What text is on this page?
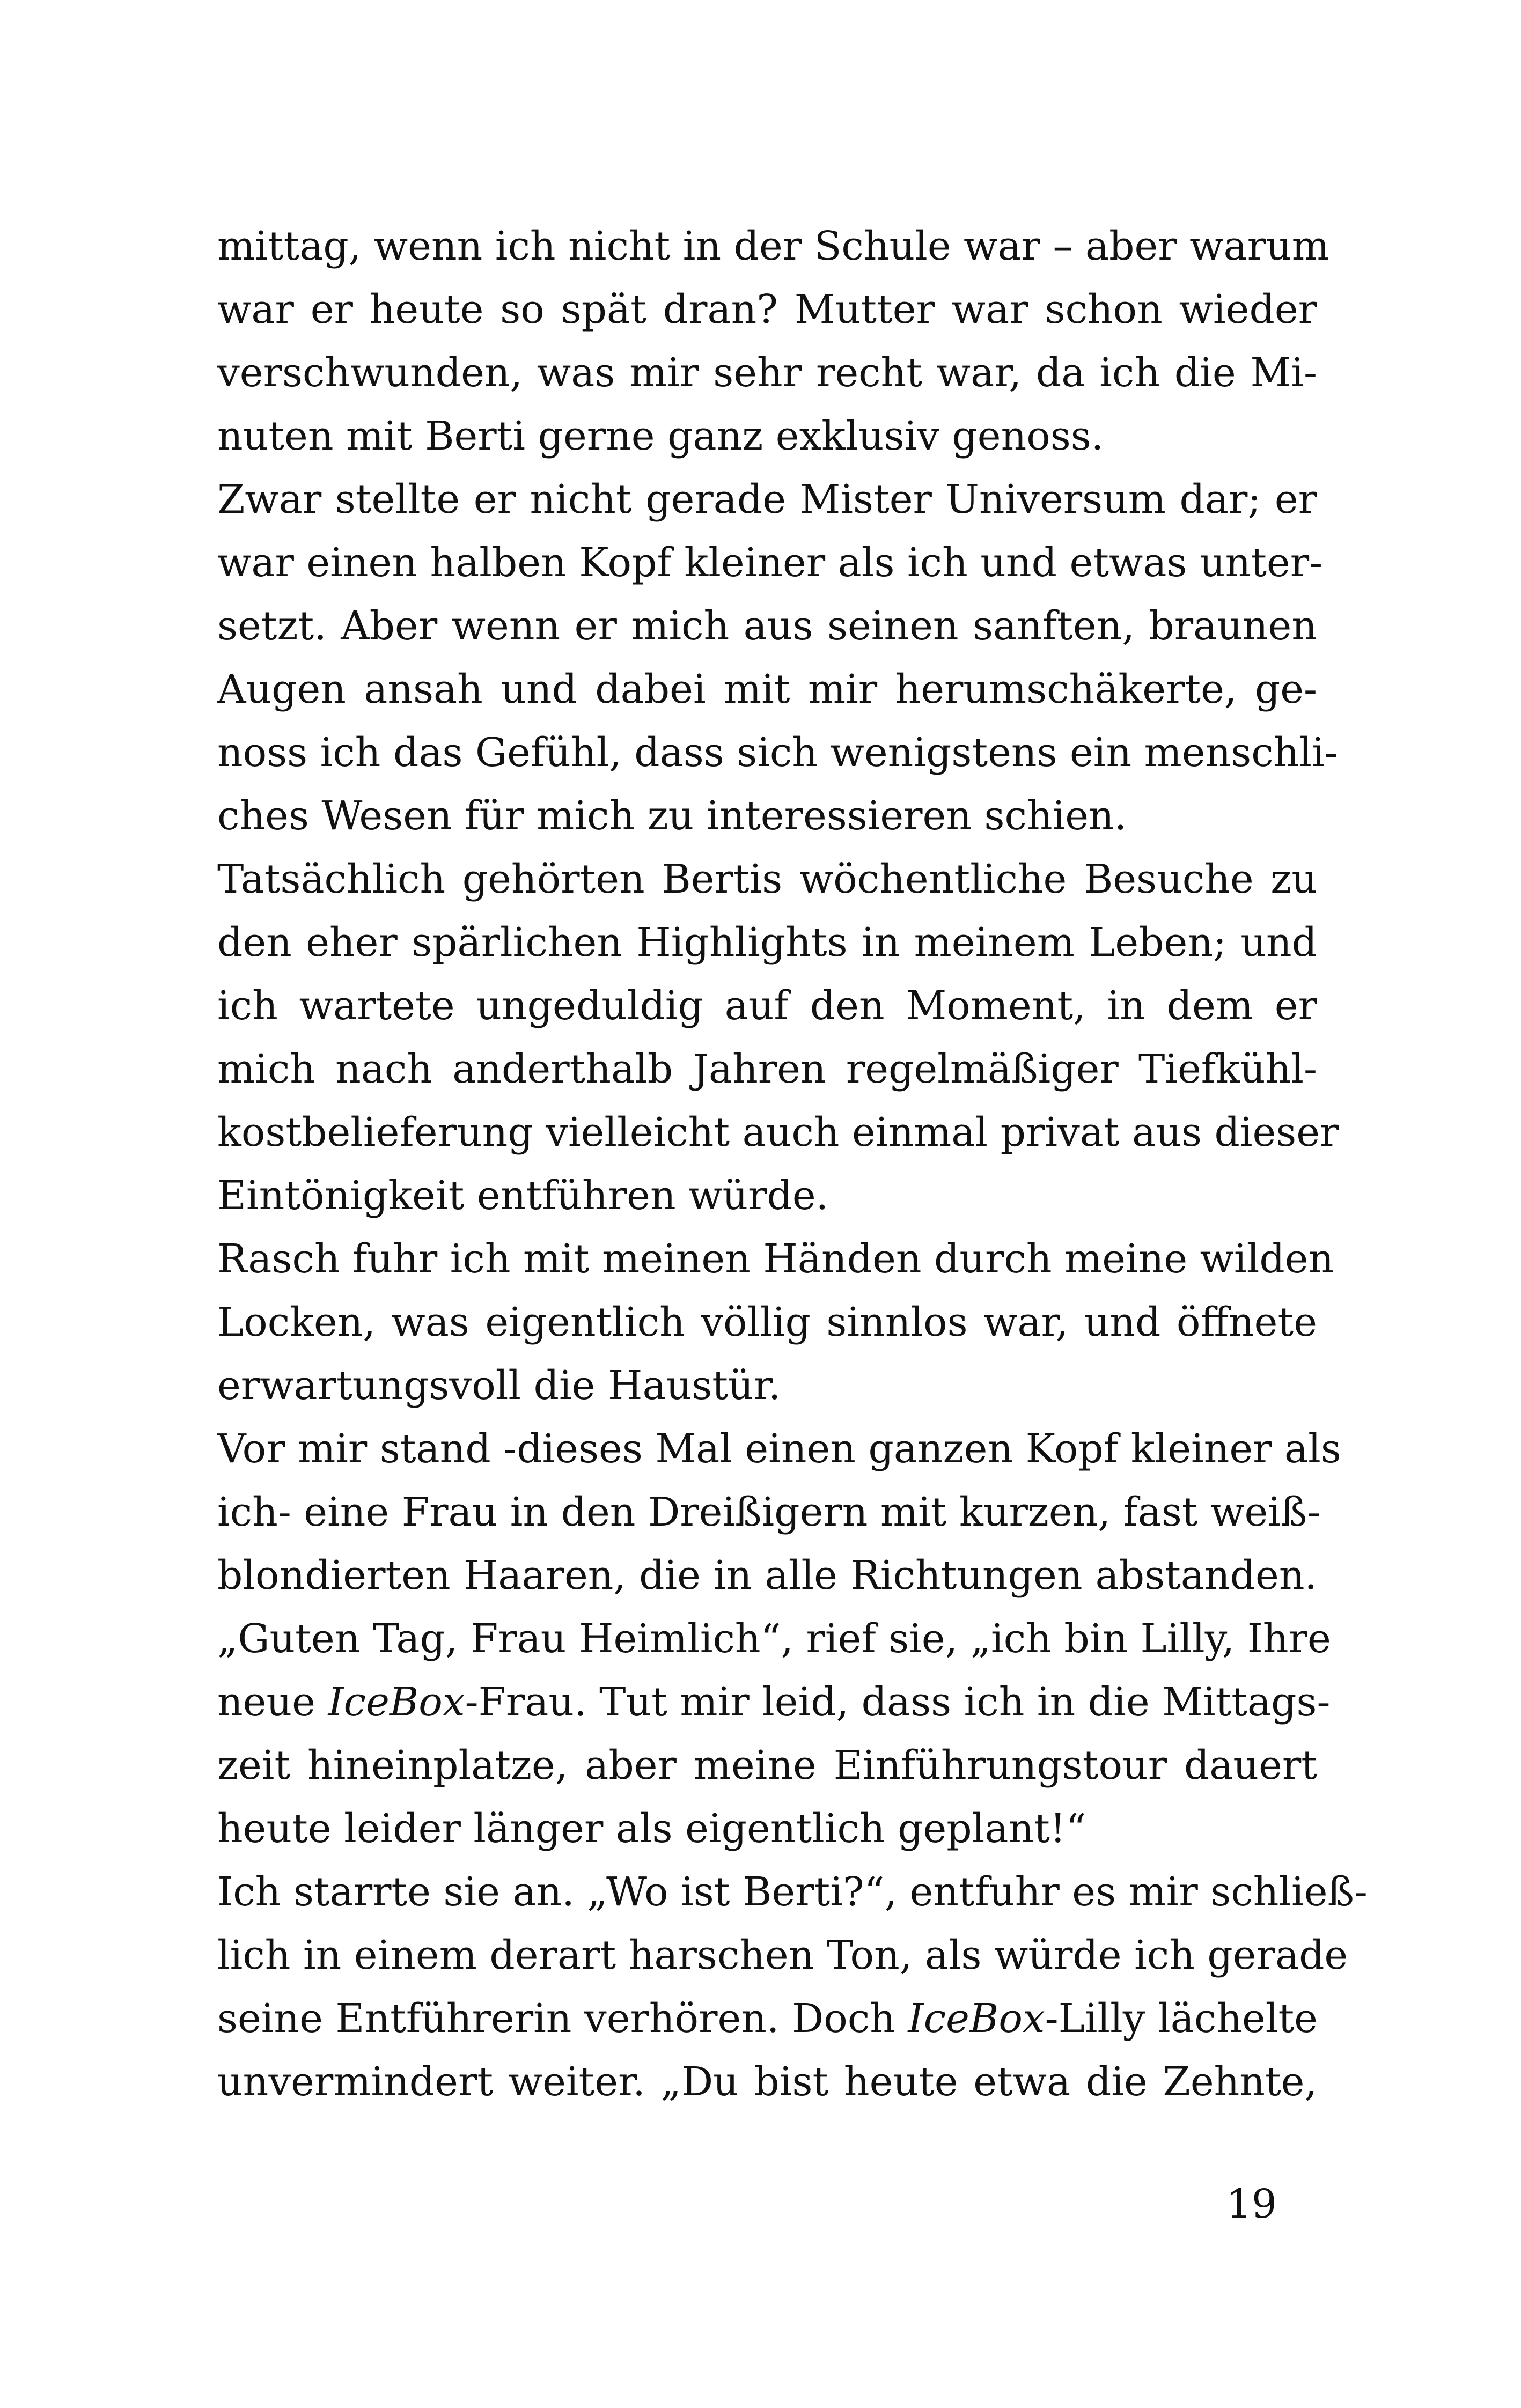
mittag, wenn ich nicht in der Schule war – aber warum
war er heute so spät dran? Mutter war schon wieder
verschwunden, was mir sehr recht war, da ich die Mi-
nuten mit Berti gerne ganz exklusiv genoss.
Zwar stellte er nicht gerade Mister Universum dar; er
war einen halben Kopf kleiner als ich und etwas unter-
setzt. Aber wenn er mich aus seinen sanften, braunen
Augen ansah und dabei mit mir herumschäkerte, ge-
noss ich das Gefühl, dass sich wenigstens ein menschli-
ches Wesen für mich zu interessieren schien.
Tatsächlich gehörten Bertis wöchentliche Besuche zu
den eher spärlichen Highlights in meinem Leben; und
ich wartete ungeduldig auf den Moment, in dem er
mich nach anderthalb Jahren regelmäßiger Tiefkühl-
kostbelieferung vielleicht auch einmal privat aus dieser
Eintönigkeit entführen würde.
Rasch fuhr ich mit meinen Händen durch meine wilden
Locken, was eigentlich völlig sinnlos war, und öffnete
erwartungsvoll die Haustür.
Vor mir stand -dieses Mal einen ganzen Kopf kleiner als
ich- eine Frau in den Dreißigern mit kurzen, fast weiß-
blondierten Haaren, die in alle Richtungen abstanden.
„Guten Tag, Frau Heimlich“, rief sie, „ich bin Lilly, Ihre
neue IceBox-Frau. Tut mir leid, dass ich in die Mittags-
zeit hineinplatze, aber meine Einführungstour dauert
heute leider länger als eigentlich geplant!“
Ich starrte sie an. „Wo ist Berti?“, entfuhr es mir schließ-
lich in einem derart harschen Ton, als würde ich gerade
seine Entführerin verhören. Doch IceBox-Lilly lächelte
unvermindert weiter. „Du bist heute etwa die Zehnte,
19
